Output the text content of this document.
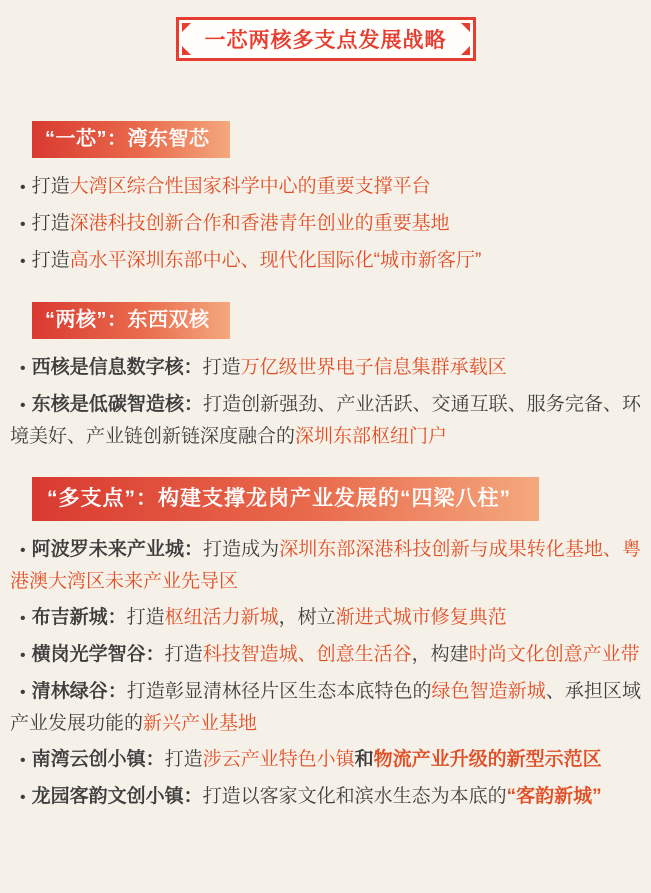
一芯两核多支点发展战略
“一芯”：湾东智芯

• 打造大湾区综合性国家科学中心的重要支撑平台

• 打造深港科技创新合作和香港青年创业的重要基地

• 打造高水平深圳东部中心、现代化国际化“城市新客厅”

“两核”：东西双核

• 西核是信息数字核：打造万亿级世界电子信息集群承载区

• 东核是低碳智造核：打造创新强劲、产业活跃、交通互联、服务完备、环境美好、产业链创新链深度融合的深圳东部枢纽门户

“多支点”：构建支撑龙岗产业发展的“四梁八柱”

• 阿波罗未来产业城：打造成为深圳东部深港科技创新与成果转化基地、粤港澳大湾区未来产业先导区

• 布吉新城：打造枢纽活力新城，树立渐进式城市修复典范

• 横岗光学智谷：打造科技智造城、创意生活谷，构建时尚文化创意产业带

• 清林绿谷：打造彰显清林径片区生态本底特色的绿色智造新城、承担区域产业发展功能的新兴产业基地

• 南湾云创小镇：打造涉云产业特色小镇和物流产业升级的新型示范区

• 龙园客韵文创小镇：打造以客家文化和滨水生态为本底的“客韵新城”
